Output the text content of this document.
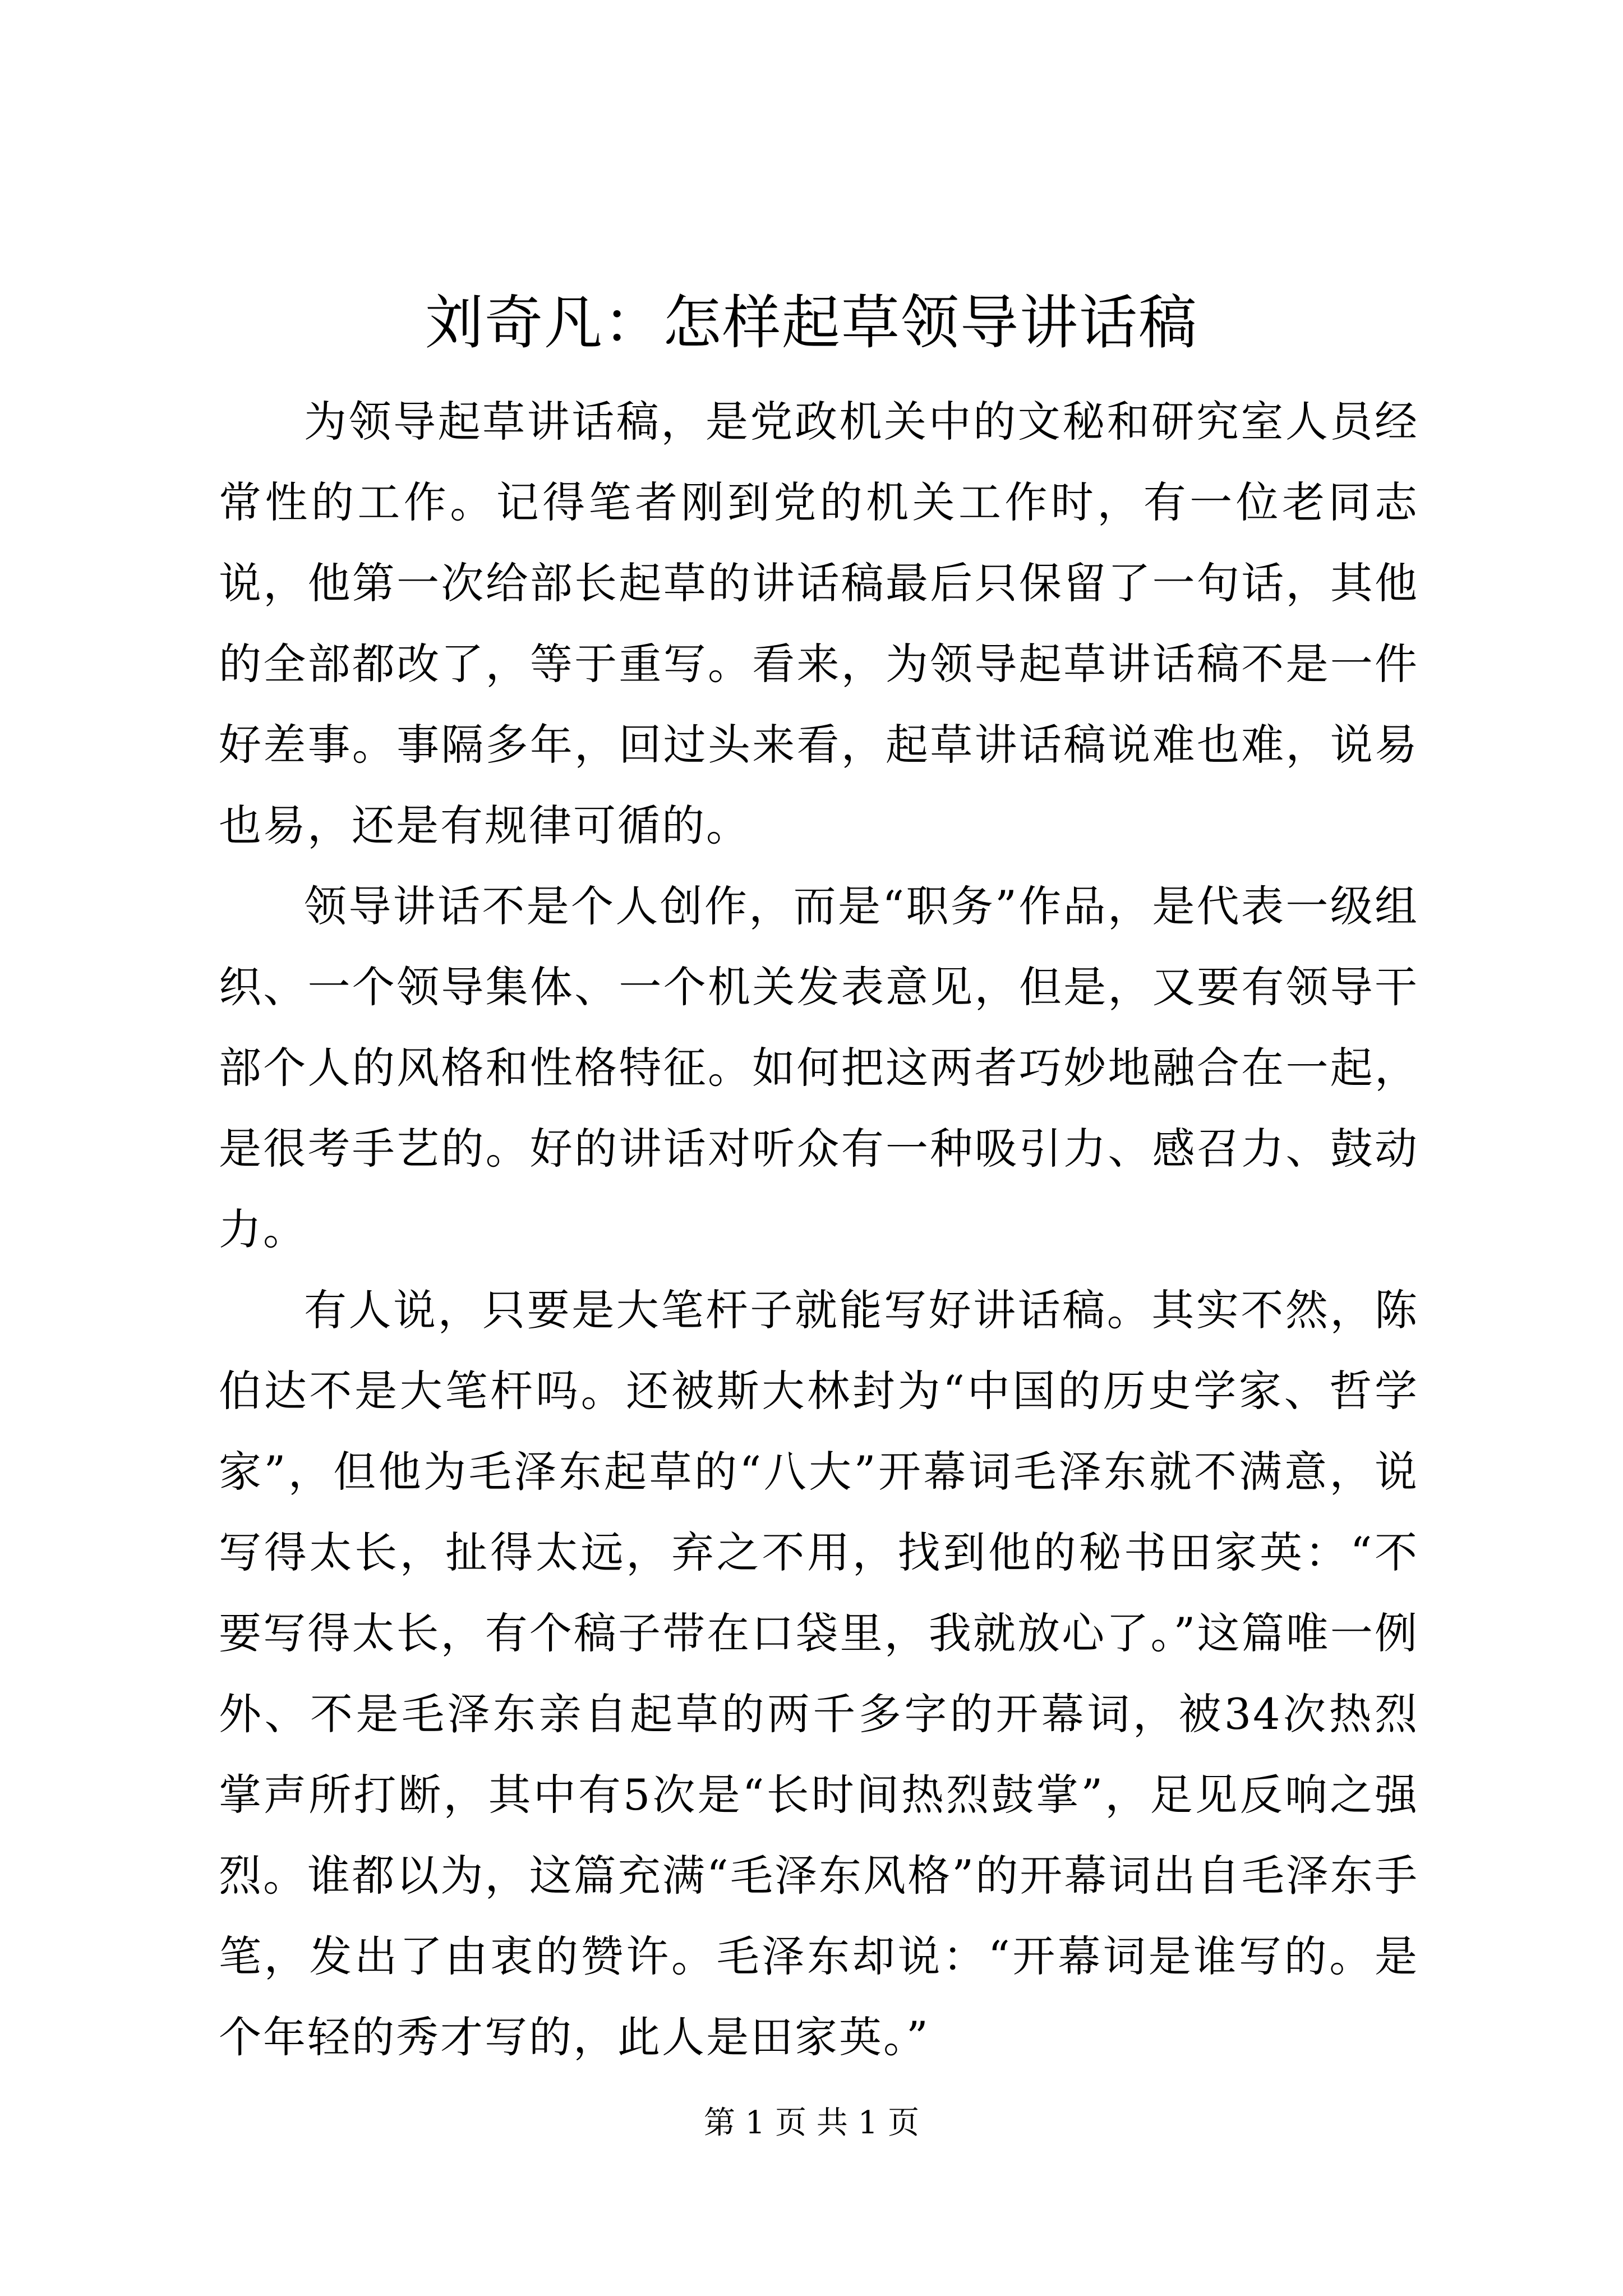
刘奇凡：怎样起草领导讲话稿

为领导起草讲话稿，是党政机关中的文秘和研究室人员经常性的工作。记得笔者刚到党的机关工作时，有一位老同志说，他第一次给部长起草的讲话稿最后只保留了一句话，其他的全部都改了，等于重写。看来，为领导起草讲话稿不是一件好差事。事隔多年，回过头来看，起草讲话稿说难也难，说易也易，还是有规律可循的。

领导讲话不是个人创作，而是“职务”作品，是代表一级组织、一个领导集体、一个机关发表意见，但是，又要有领导干部个人的风格和性格特征。如何把这两者巧妙地融合在一起，是很考手艺的。好的讲话对听众有一种吸引力、感召力、鼓动力。

有人说，只要是大笔杆子就能写好讲话稿。其实不然，陈伯达不是大笔杆吗。还被斯大林封为“中国的历史学家、哲学家”，但他为毛泽东起草的“八大”开幕词毛泽东就不满意，说写得太长，扯得太远，弃之不用，找到他的秘书田家英：“不要写得太长，有个稿子带在口袋里，我就放心了。”这篇唯一例外、不是毛泽东亲自起草的两千多字的开幕词，被34次热烈掌声所打断，其中有5次是“长时间热烈鼓掌”，足见反响之强烈。谁都以为，这篇充满“毛泽东风格”的开幕词出自毛泽东手笔，发出了由衷的赞许。毛泽东却说：“开幕词是谁写的。是个年轻的秀才写的，此人是田家英。”

第 1 页 共 1 页
